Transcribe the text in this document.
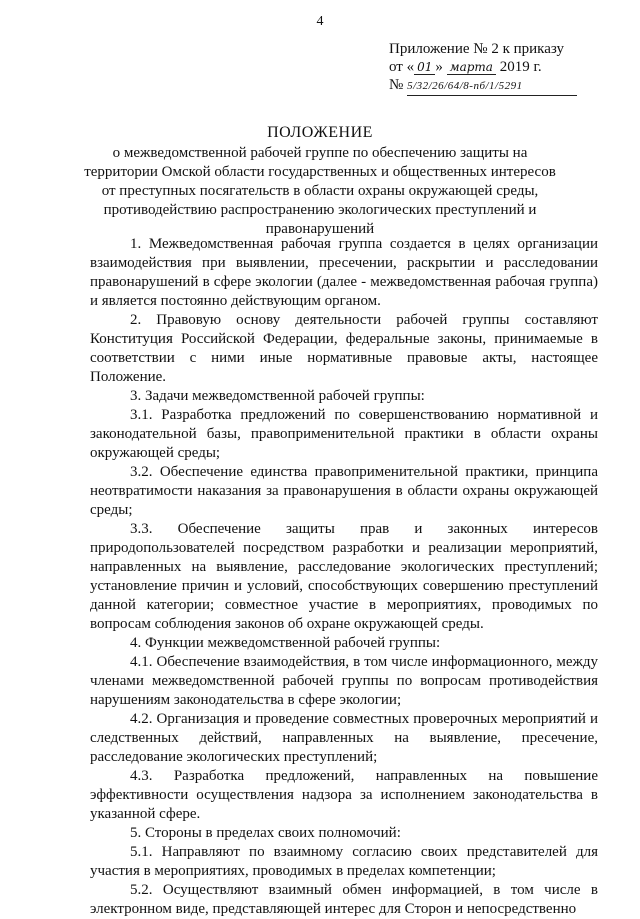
4
Приложение № 2 к приказу
от « 01 » марта 2019 г.
№ 5/32/26/64/8-пб/1/5291
ПОЛОЖЕНИЕ
о межведомственной рабочей группе по обеспечению защиты на территории Омской области государственных и общественных интересов от преступных посягательств в области охраны окружающей среды, противодействию распространению экологических преступлений и правонарушений

1. Межведомственная рабочая группа создается в целях организации взаимодействия при выявлении, пресечении, раскрытии и расследовании правонарушений в сфере экологии (далее - межведомственная рабочая группа) и является постоянно действующим органом.

2. Правовую основу деятельности рабочей группы составляют Конституция Российской Федерации, федеральные законы, принимаемые в соответствии с ними иные нормативные правовые акты, настоящее Положение.

3. Задачи межведомственной рабочей группы:

3.1. Разработка предложений по совершенствованию нормативной и законодательной базы, правоприменительной практики в области охраны окружающей среды;

3.2. Обеспечение единства правоприменительной практики, принципа неотвратимости наказания за правонарушения в области охраны окружающей среды;

3.3. Обеспечение защиты прав и законных интересов природопользователей посредством разработки и реализации мероприятий, направленных на выявление, расследование экологических преступлений; установление причин и условий, способствующих совершению преступлений данной категории; совместное участие в мероприятиях, проводимых по вопросам соблюдения законов об охране окружающей среды.

4. Функции межведомственной рабочей группы:

4.1. Обеспечение взаимодействия, в том числе информационного, между членами межведомственной рабочей группы по вопросам противодействия нарушениям законодательства в сфере экологии;

4.2. Организация и проведение совместных проверочных мероприятий и следственных действий, направленных на выявление, пресечение, расследование экологических преступлений;

4.3. Разработка предложений, направленных на повышение эффективности осуществления надзора за исполнением законодательства в указанной сфере.

5. Стороны в пределах своих полномочий:

5.1. Направляют по взаимному согласию своих представителей для участия в мероприятиях, проводимых в пределах компетенции;

5.2. Осуществляют взаимный обмен информацией, в том числе в электронном виде, представляющей интерес для Сторон и непосредственно
